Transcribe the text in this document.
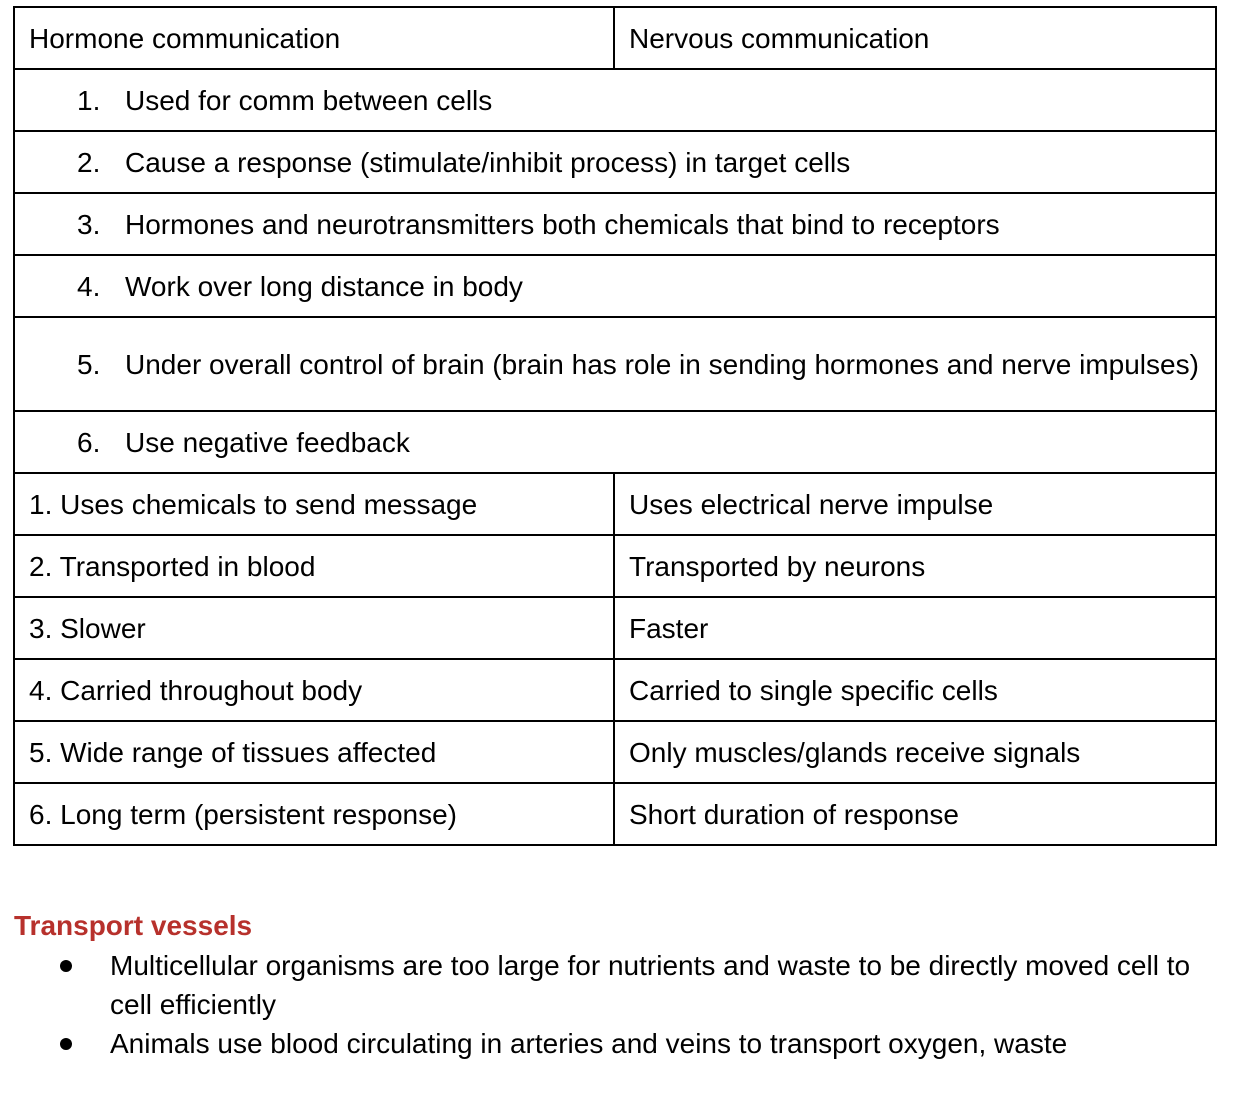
Hormone communication	Nervous communication

1. Used for comm between cells	

2. Cause a response (stimulate/inhibit process) in target cells	

3. Hormones and neurotransmitters both chemicals that bind to receptors	

4. Work over long distance in body	

5. Under overall control of brain (brain has role in sending hormones and nerve impulses)	

6. Use negative feedback	

1. Uses chemicals to send message	Uses electrical nerve impulse
2. Transported in blood	Transported by neurons
3. Slower	Faster
4. Carried throughout body	Carried to single specific cells
5. Wide range of tissues affected	Only muscles/glands receive signals
6. Long term (persistent response)	Short duration of response
Transport vessels
Multicellular organisms are too large for nutrients and waste to be directly moved cell to cell efficiently
Animals use blood circulating in arteries and veins to transport oxygen, waste
